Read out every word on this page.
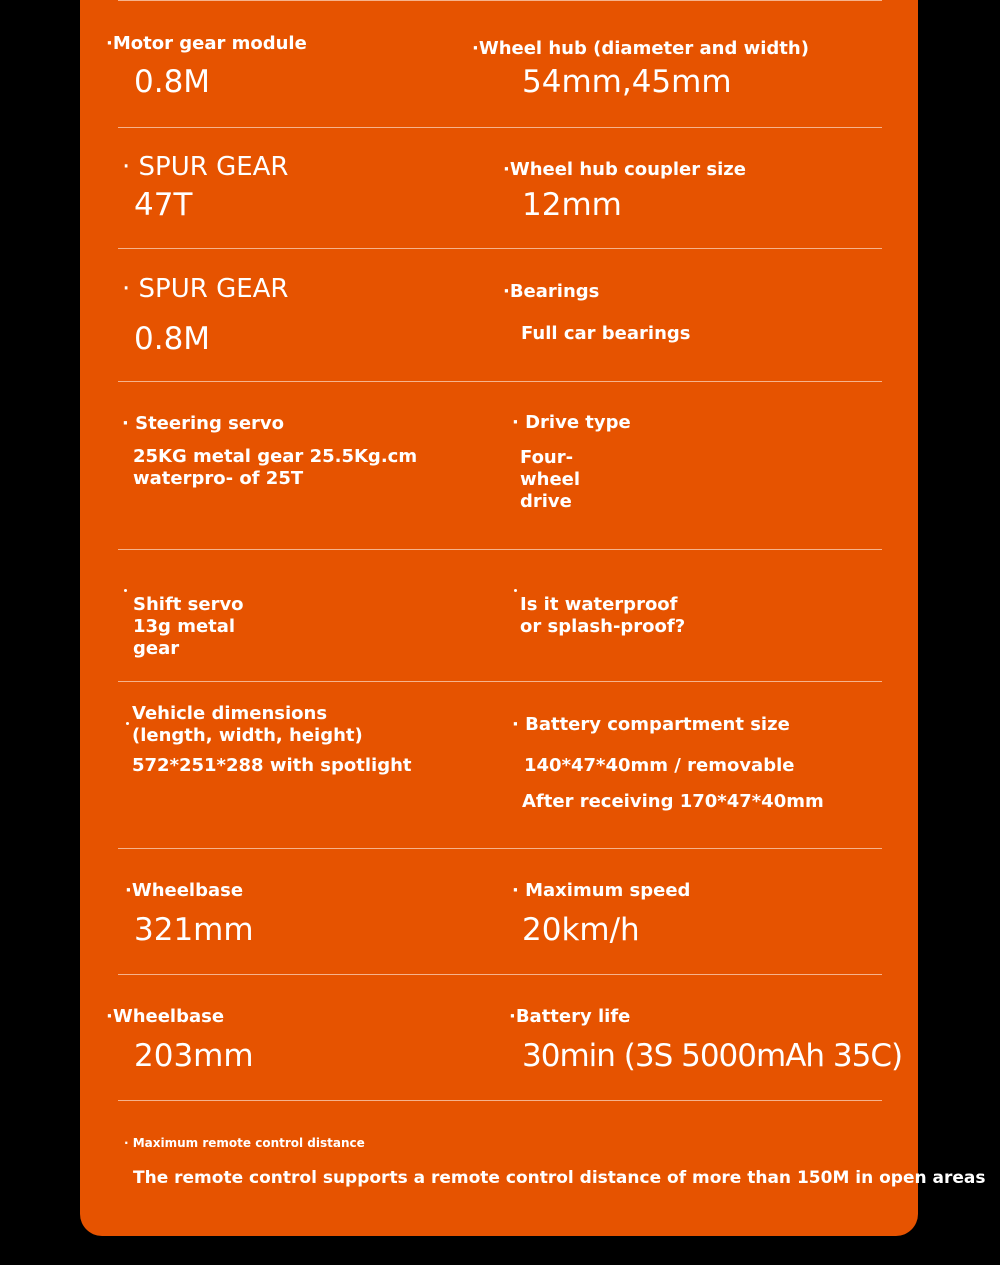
·Motor gear module
0.8M
·Wheel hub (diameter and width)
54mm,45mm
· SPUR GEAR
47T
·Wheel hub coupler size
12mm
· SPUR GEAR
0.8M
·Bearings
Full car bearings
· Steering servo
25KG metal gear 25.5Kg.cm waterpro- of 25T
· Drive type
Four-wheel drive
Shift servo 13g metal gear
Is it waterproof or splash-proof?
Vehicle dimensions (length, width, height)
572*251*288 with spotlight
· Battery compartment size
140*47*40mm / removable
After receiving 170*47*40mm
·Wheelbase
321mm
· Maximum speed
20km/h
·Wheelbase
203mm
·Battery life
30min (3S 5000mAh 35C)
· Maximum remote control distance
The remote control supports a remote control distance of more than 150M in open areas
